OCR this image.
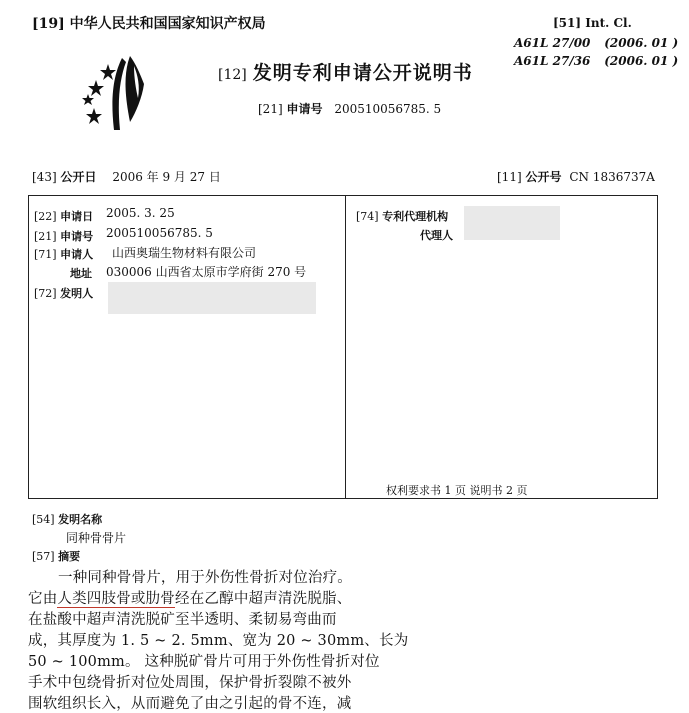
[19] 中华人民共和国国家知识产权局
[12] 发明专利申请公开说明书
[21] 申请号 200510056785. 5
[51] Int. Cl.
A61L 27/00 (2006. 01 )
A61L 27/36 (2006. 01 )
[43] 公开日 2006 年 9 月 27 日	[11] 公开号 CN 1836737A
[22] 申请日 2005. 3. 25
[21] 申请号 200510056785. 5
[71] 申请人 山西奥瑞生物材料有限公司
地址 030006 山西省太原市学府街 270 号
[72] 发明人
[74] 专利代理机构
代理人
权利要求书 1 页 说明书 2 页
[54] 发明名称
同种骨骨片
[57] 摘要
一种同种骨骨片，用于外伤性骨折对位治疗。
它由人类四肢骨或肋骨经在乙醇中超声清洗脱脂、
在盐酸中超声清洗脱矿至半透明、柔韧易弯曲而
成，其厚度为 1. 5 ~ 2. 5mm、宽为 20 ~ 30mm、长为
50 ~ 100mm。 这种脱矿骨片可用于外伤性骨折对位
手术中包绕骨折对位处周围，保护骨折裂隙不被外
围软组织长入，从而避免了由之引起的骨不连，减
